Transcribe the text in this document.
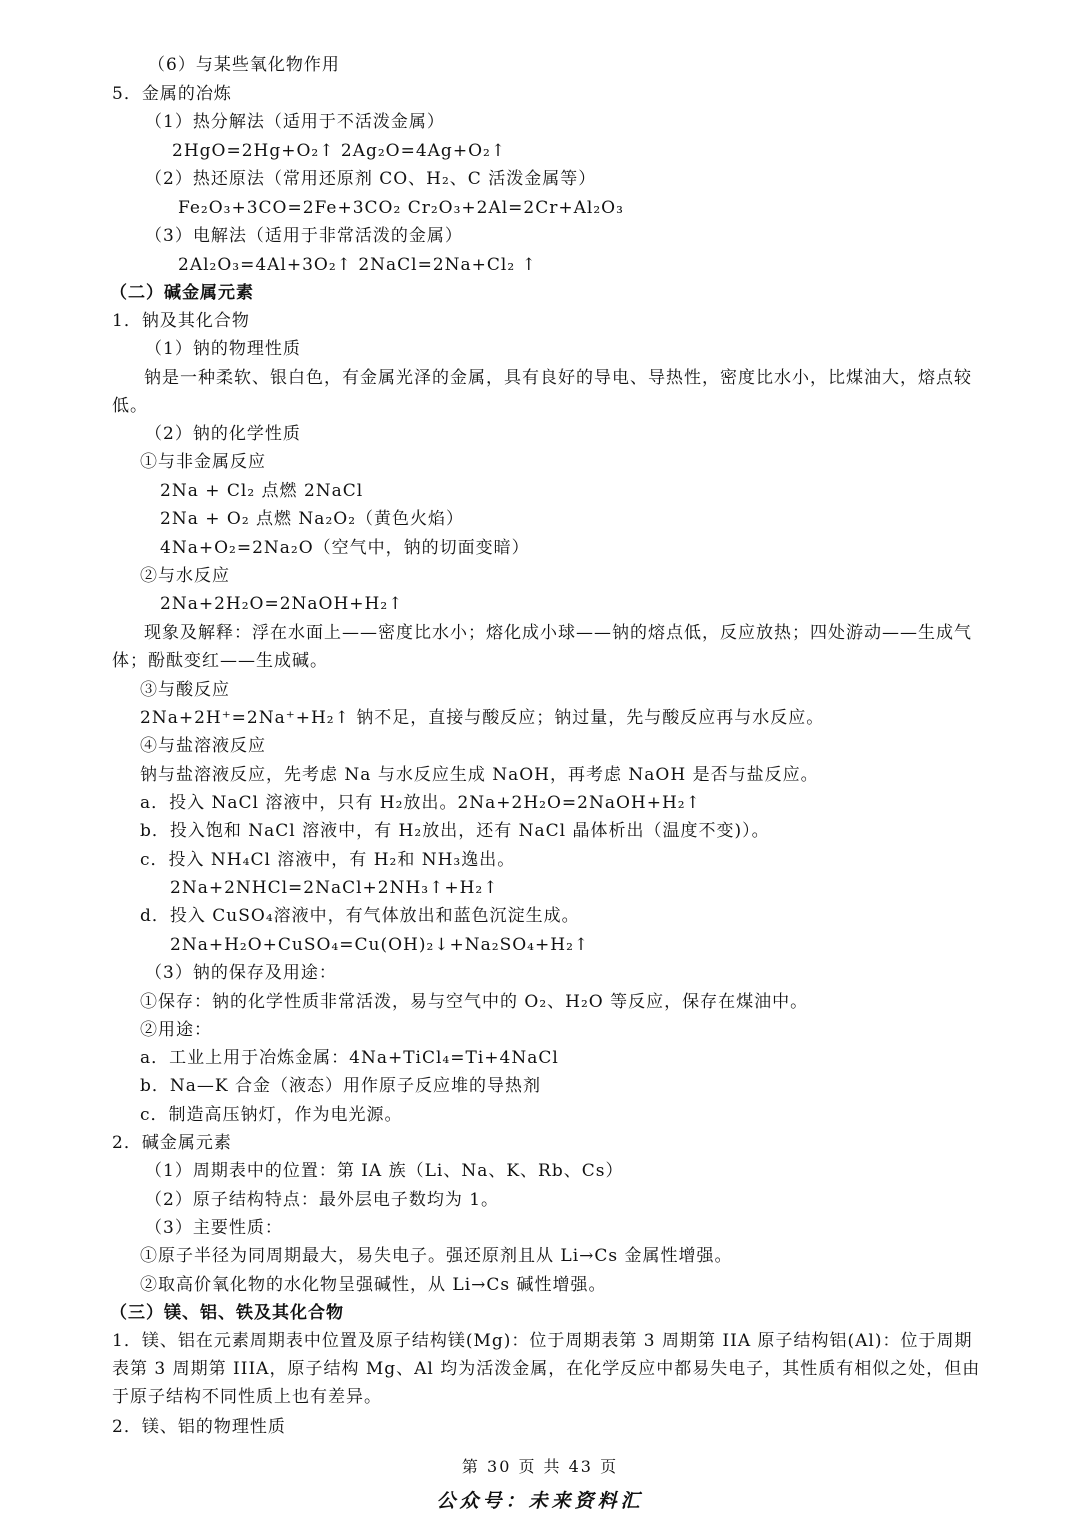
（6）与某些氧化物作用
5．金属的冶炼
（1）热分解法（适用于不活泼金属）
2HgO=2Hg+O₂↑ 2Ag₂O=4Ag+O₂↑
（2）热还原法（常用还原剂 CO、H₂、C 活泼金属等）
Fe₂O₃+3CO=2Fe+3CO₂ Cr₂O₃+2Al=2Cr+Al₂O₃
（3）电解法（适用于非常活泼的金属）
2Al₂O₃=4Al+3O₂↑ 2NaCl=2Na+Cl₂ ↑
（二）碱金属元素
1．钠及其化合物
（1）钠的物理性质
钠是一种柔软、银白色，有金属光泽的金属，具有良好的导电、导热性，密度比水小，比煤油大，熔点较低。
（2）钠的化学性质
①与非金属反应
2Na + Cl₂ 点燃 2NaCl
2Na + O₂ 点燃 Na₂O₂（黄色火焰）
4Na+O₂=2Na₂O（空气中，钠的切面变暗）
②与水反应
2Na+2H₂O=2NaOH+H₂↑
现象及解释：浮在水面上——密度比水小；熔化成小球——钠的熔点低，反应放热；四处游动——生成气体；酚酞变红——生成碱。
③与酸反应
2Na+2H⁺=2Na⁺+H₂↑ 钠不足，直接与酸反应；钠过量，先与酸反应再与水反应。
④与盐溶液反应
钠与盐溶液反应，先考虑 Na 与水反应生成 NaOH，再考虑 NaOH 是否与盐反应。
a．投入 NaCl 溶液中，只有 H₂放出。2Na+2H₂O=2NaOH+H₂↑
b．投入饱和 NaCl 溶液中，有 H₂放出，还有 NaCl 晶体析出（温度不变)）。
c．投入 NH₄Cl 溶液中，有 H₂和 NH₃逸出。
2Na+2NHCl=2NaCl+2NH₃↑+H₂↑
d．投入 CuSO₄溶液中，有气体放出和蓝色沉淀生成。
2Na+H₂O+CuSO₄=Cu(OH)₂↓+Na₂SO₄+H₂↑
（3）钠的保存及用途：
①保存：钠的化学性质非常活泼，易与空气中的 O₂、H₂O 等反应，保存在煤油中。
②用途：
a．工业上用于冶炼金属：4Na+TiCl₄=Ti+4NaCl
b．Na—K 合金（液态）用作原子反应堆的导热剂
c．制造高压钠灯，作为电光源。
2．碱金属元素
（1）周期表中的位置：第 IA 族（Li、Na、K、Rb、Cs）
（2）原子结构特点：最外层电子数均为 1。
（3）主要性质：
①原子半径为同周期最大，易失电子。强还原剂且从 Li→Cs 金属性增强。
②取高价氧化物的水化物呈强碱性，从 Li→Cs 碱性增强。
（三）镁、铝、铁及其化合物
1．镁、铝在元素周期表中位置及原子结构镁(Mg)：位于周期表第 3 周期第 IIA 原子结构铝(Al)：位于周期表第 3 周期第 IIIA，原子结构 Mg、Al 均为活泼金属，在化学反应中都易失电子，其性质有相似之处，但由于原子结构不同性质上也有差异。
2．镁、铝的物理性质
第 30 页 共 43 页
公众号：未来资料汇
